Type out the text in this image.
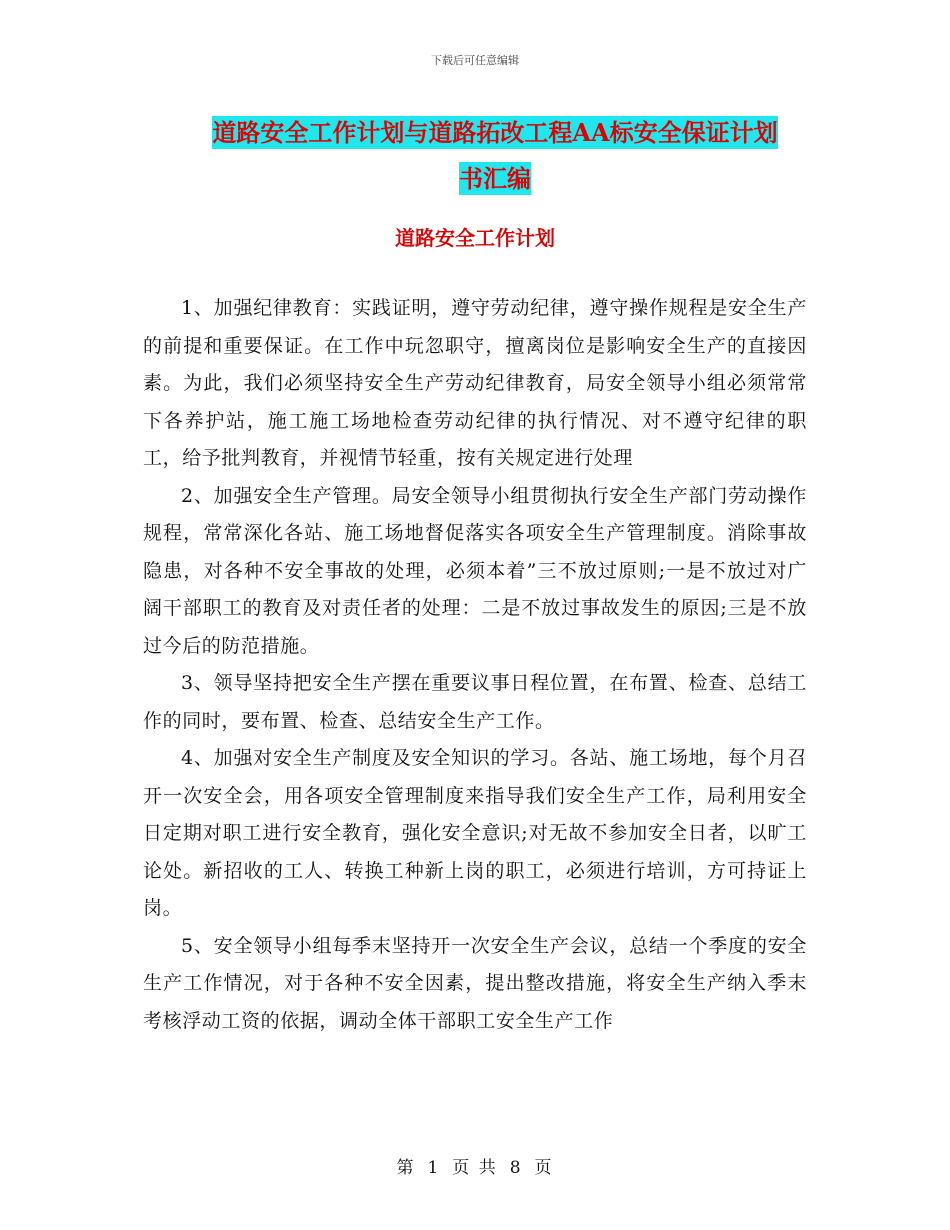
下载后可任意编辑
道路安全工作计划与道路拓改工程AA标安全保证计划
书汇编
道路安全工作计划

1、加强纪律教育：实践证明，遵守劳动纪律，遵守操作规程是安全生产的前提和重要保证。在工作中玩忽职守，擅离岗位是影响安全生产的直接因素。为此，我们必须坚持安全生产劳动纪律教育，局安全领导小组必须常常下各养护站，施工施工场地检查劳动纪律的执行情况、对不遵守纪律的职工，给予批判教育，并视情节轻重，按有关规定进行处理

2、加强安全生产管理。局安全领导小组贯彻执行安全生产部门劳动操作规程，常常深化各站、施工场地督促落实各项安全生产管理制度。消除事故隐患，对各种不安全事故的处理，必须本着”三不放过原则;一是不放过对广阔干部职工的教育及对责任者的处理：二是不放过事故发生的原因;三是不放过今后的防范措施。

3、领导坚持把安全生产摆在重要议事日程位置，在布置、检查、总结工作的同时，要布置、检查、总结安全生产工作。

4、加强对安全生产制度及安全知识的学习。各站、施工场地，每个月召开一次安全会，用各项安全管理制度来指导我们安全生产工作，局利用安全日定期对职工进行安全教育，强化安全意识;对无故不参加安全日者，以旷工论处。新招收的工人、转换工种新上岗的职工，必须进行培训，方可持证上岗。

5、安全领导小组每季末坚持开一次安全生产会议，总结一个季度的安全生产工作情况，对于各种不安全因素，提出整改措施，将安全生产纳入季末考核浮动工资的依据，调动全体干部职工安全生产工作

第 1 页 共 8 页
